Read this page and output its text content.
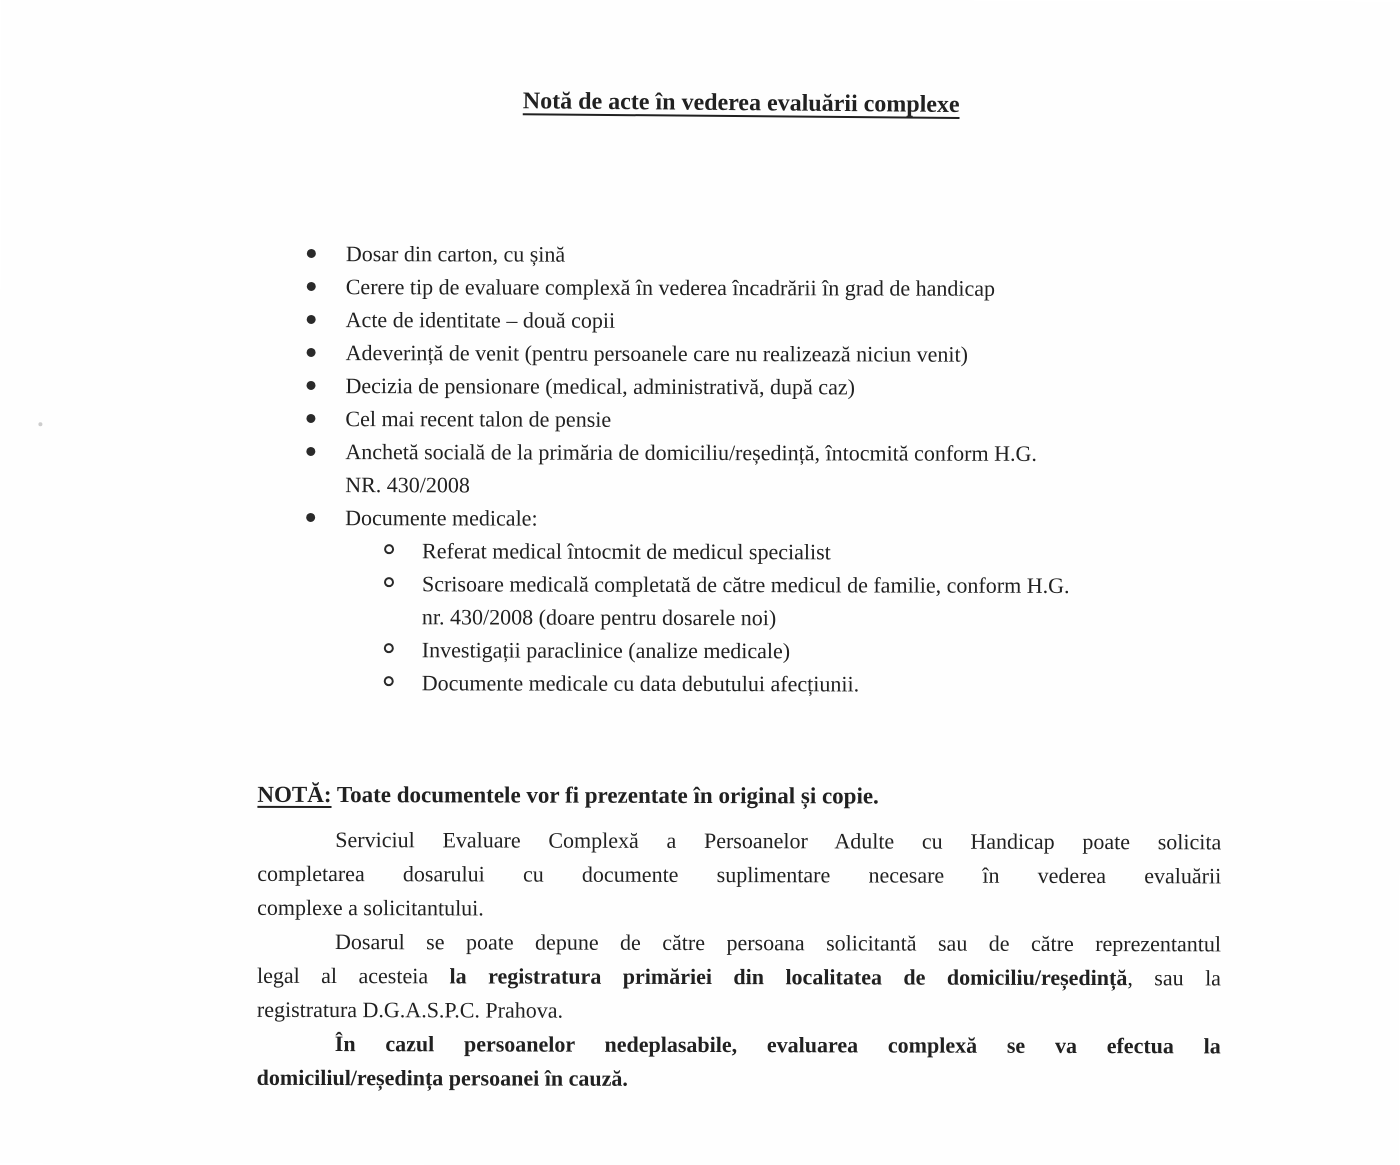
Notă de acte în vederea evaluării complexe
Dosar din carton, cu șină
Cerere tip de evaluare complexă în vederea încadrării în grad de handicap
Acte de identitate – două copii
Adeverință de venit (pentru persoanele care nu realizează niciun venit)
Decizia de pensionare (medical, administrativă, după caz)
Cel mai recent talon de pensie
Anchetă socială de la primăria de domiciliu/reședință, întocmită conform H.G.
NR. 430/2008
Documente medicale:
Referat medical întocmit de medicul specialist
Scrisoare medicală completată de către medicul de familie, conform H.G.
nr. 430/2008 (doare pentru dosarele noi)
Investigații paraclinice (analize medicale)
Documente medicale cu data debutului afecțiunii.

NOTĂ: Toate documentele vor fi prezentate în original și copie.

Serviciul Evaluare Complexă a Persoanelor Adulte cu Handicap poate solicita
completarea dosarului cu documente suplimentare necesare în vederea evaluării
complexe a solicitantului.
Dosarul se poate depune de către persoana solicitantă sau de către reprezentantul
legal al acesteia la registratura primăriei din localitatea de domiciliu/reședință, sau la
registratura D.G.A.S.P.C. Prahova.
În cazul persoanelor nedeplasabile, evaluarea complexă se va efectua la
domiciliul/reședința persoanei în cauză.
